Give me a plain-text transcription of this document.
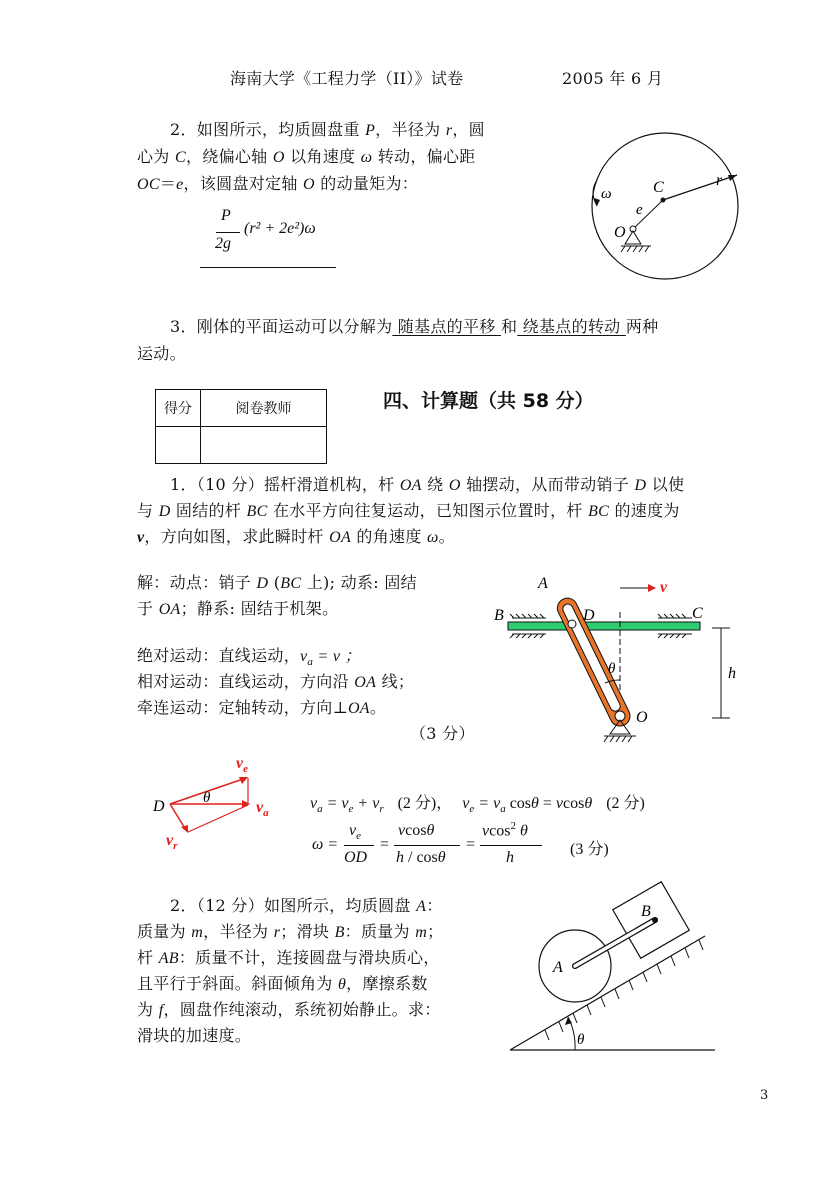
海南大学《工程力学（II）》试卷	2005 年 6 月
2．如图所示，均质圆盘重 P，半径为 r，圆
心为 C，绕偏心轴 O 以角速度 ω 转动，偏心距
OC＝e，该圆盘对定轴 O 的动量矩为：
P
2g
(r² + 2e²)ω
ω	C	r
e
O
3．刚体的平面运动可以分解为 随基点的平移 和 绕基点的转动 两种
运动。
得分	阅卷教师
		四、计算题（共 58 分）
1．（10 分）摇杆滑道机构，杆 OA 绕 O 轴摆动，从而带动销子 D 以使
与 D 固结的杆 BC 在水平方向往复运动，已知图示位置时，杆 BC 的速度为
v，方向如图，求此瞬时杆 OA 的角速度 ω。
解：动点：销子 D (BC 上); 动系: 固结
于 OA；静系: 固结于机架。
绝对运动：直线运动，$v_a = v$ ；
相对运动：直线运动，方向沿 OA 线；
牵连运动：定轴转动，方向⊥OA。
（3 分）
θ
A
B	D	C
v
h
O
D	θ
$v_e$
$v_a$
$v_r$
$v_a = v_e + v_r$ (2 分)， $v_e = v_a$ cosθ = vcosθ (2 分)
ω =
$v_e$
OD
=
vcosθ
h / cosθ
=
vcos$^2$ θ
h	(3 分)
2．（12 分）如图所示，均质圆盘 A：
质量为 m，半径为 r；滑块 B：质量为 m；
杆 AB：质量不计，连接圆盘与滑块质心，
且平行于斜面。斜面倾角为 θ，摩擦系数
为 f，圆盘作纯滚动，系统初始静止。求：
滑块的加速度。	θ
A
B
3
